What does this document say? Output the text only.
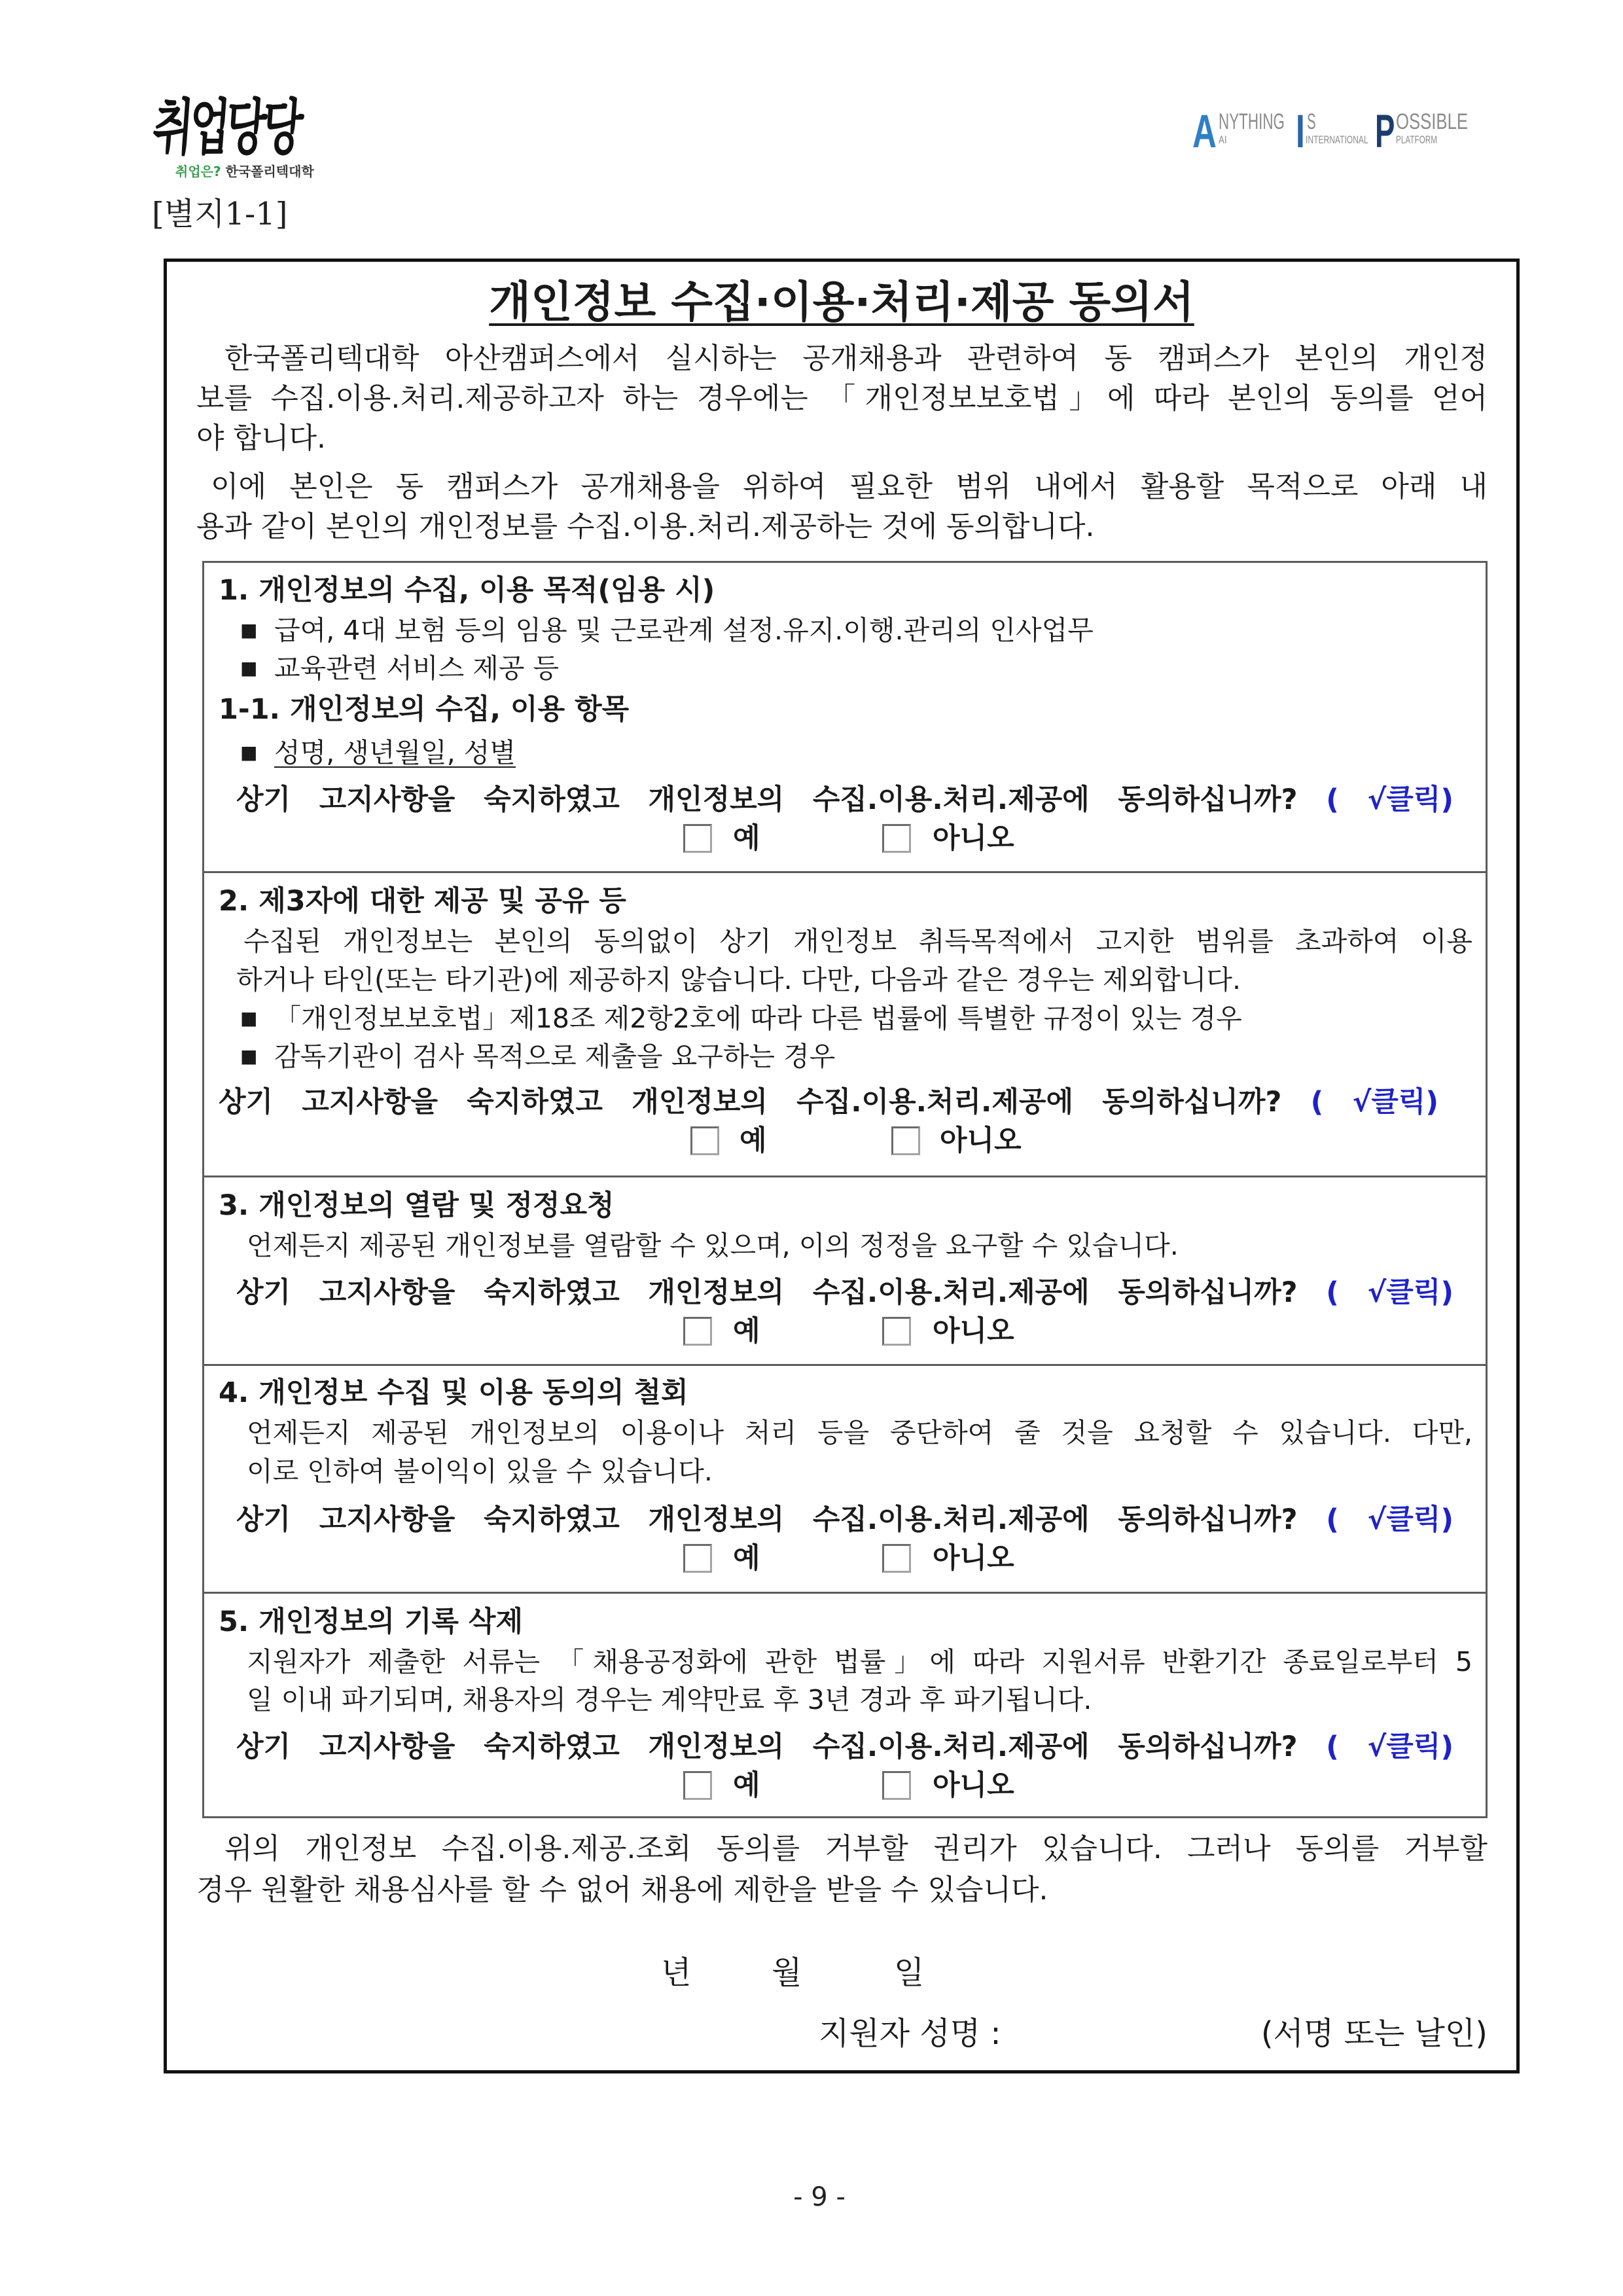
취업당당
취업은? 한국폴리텍대학
A NYTHING
AI I S
INTERNATIONAL P OSSIBLE
PLATFORM
[별지1-1]
개인정보 수집·이용·처리·제공 동의서
한국폴리텍대학 아산캠퍼스에서 실시하는 공개채용과 관련하여 동 캠퍼스가 본인의 개인정
보를 수집.이용.처리.제공하고자 하는 경우에는 「개인정보보호법」에 따라 본인의 동의를 얻어
야 합니다.
이에 본인은 동 캠퍼스가 공개채용을 위하여 필요한 범위 내에서 활용할 목적으로 아래 내
용과 같이 본인의 개인정보를 수집.이용.처리.제공하는 것에 동의합니다.
1. 개인정보의 수집, 이용 목적(임용 시)
■ 급여, 4대 보험 등의 임용 및 근로관계 설정.유지.이행.관리의 인사업무
■ 교육관련 서비스 제공 등
1-1. 개인정보의 수집, 이용 항목
■ 성명, 생년월일, 성별
상기 고지사항을 숙지하였고 개인정보의 수집.이용.처리.제공에 동의하십니까? ( √클릭)
예	아니오
2. 제3자에 대한 제공 및 공유 등
수집된 개인정보는 본인의 동의없이 상기 개인정보 취득목적에서 고지한 범위를 초과하여 이용
하거나 타인(또는 타기관)에 제공하지 않습니다. 다만, 다음과 같은 경우는 제외합니다.
■ 「개인정보보호법」제18조 제2항2호에 따라 다른 법률에 특별한 규정이 있는 경우
■ 감독기관이 검사 목적으로 제출을 요구하는 경우
상기 고지사항을 숙지하였고 개인정보의 수집.이용.처리.제공에 동의하십니까? ( √클릭)
예	아니오
3. 개인정보의 열람 및 정정요청
언제든지 제공된 개인정보를 열람할 수 있으며, 이의 정정을 요구할 수 있습니다.
상기 고지사항을 숙지하였고 개인정보의 수집.이용.처리.제공에 동의하십니까? ( √클릭)
예	아니오
4. 개인정보 수집 및 이용 동의의 철회
언제든지 제공된 개인정보의 이용이나 처리 등을 중단하여 줄 것을 요청할 수 있습니다. 다만,
이로 인하여 불이익이 있을 수 있습니다.
상기 고지사항을 숙지하였고 개인정보의 수집.이용.처리.제공에 동의하십니까? ( √클릭)
예	아니오
5. 개인정보의 기록 삭제
지원자가 제출한 서류는 「채용공정화에 관한 법률」에 따라 지원서류 반환기간 종료일로부터 5
일 이내 파기되며, 채용자의 경우는 계약만료 후 3년 경과 후 파기됩니다.
상기 고지사항을 숙지하였고 개인정보의 수집.이용.처리.제공에 동의하십니까? ( √클릭)
예	아니오
위의 개인정보 수집.이용.제공.조회 동의를 거부할 권리가 있습니다. 그러나 동의를 거부할
경우 원활한 채용심사를 할 수 없어 채용에 제한을 받을 수 있습니다.
년	월	일
지원자 성명 :	(서명 또는 날인)
- 9 -
